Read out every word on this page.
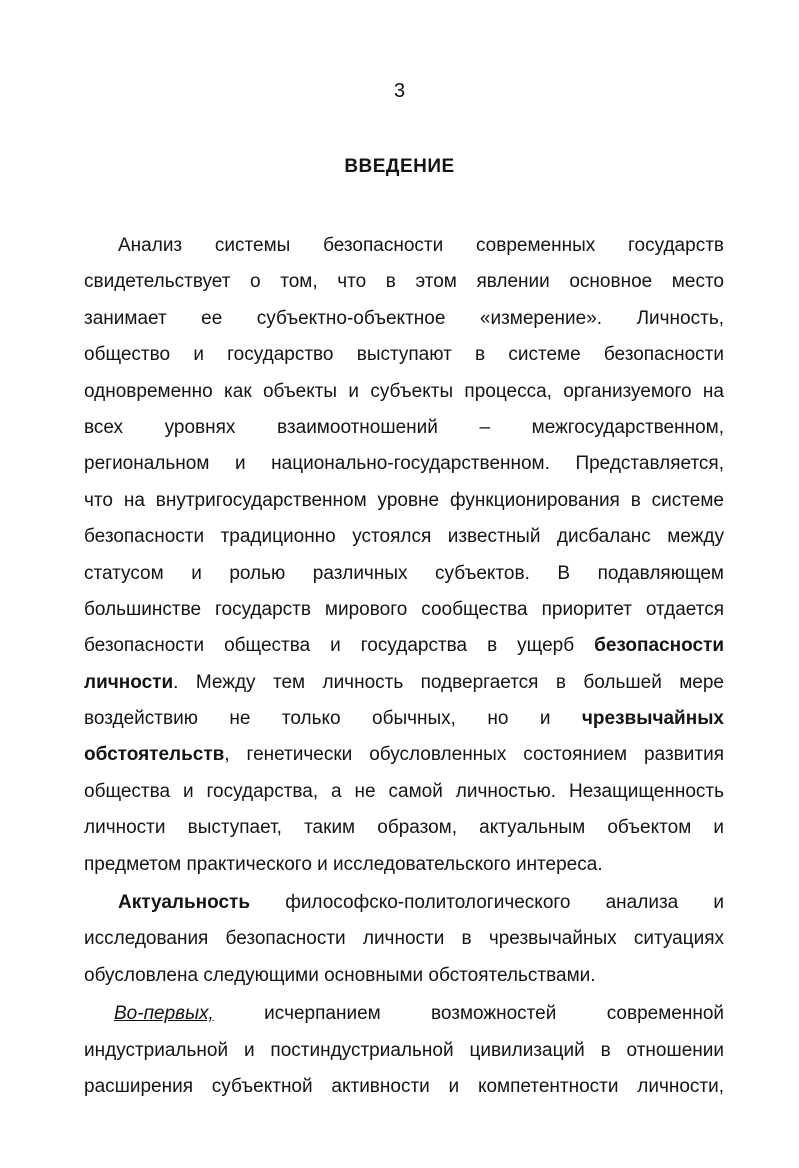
3
ВВЕДЕНИЕ
Анализ системы безопасности современных государств
свидетельствует о том, что в этом явлении основное место
занимает ее субъектно-объектное «измерение». Личность,
общество и государство выступают в системе безопасности
одновременно как объекты и субъекты процесса, организуемого на
всех уровнях взаимоотношений – межгосударственном,
региональном и национально-государственном. Представляется,
что на внутригосударственном уровне функционирования в системе
безопасности традиционно устоялся известный дисбаланс между
статусом и ролью различных субъектов. В подавляющем
большинстве государств мирового сообщества приоритет отдается
безопасности общества и государства в ущерб безопасности
личности. Между тем личность подвергается в большей мере
воздействию не только обычных, но и чрезвычайных
обстоятельств, генетически обусловленных состоянием развития
общества и государства, а не самой личностью. Незащищенность
личности выступает, таким образом, актуальным объектом и
предметом практического и исследовательского интереса.
Актуальность философско-политологического анализа и
исследования безопасности личности в чрезвычайных ситуациях
обусловлена следующими основными обстоятельствами.
Во-первых, исчерпанием возможностей современной
индустриальной и постиндустриальной цивилизаций в отношении
расширения субъектной активности и компетентности личности,
